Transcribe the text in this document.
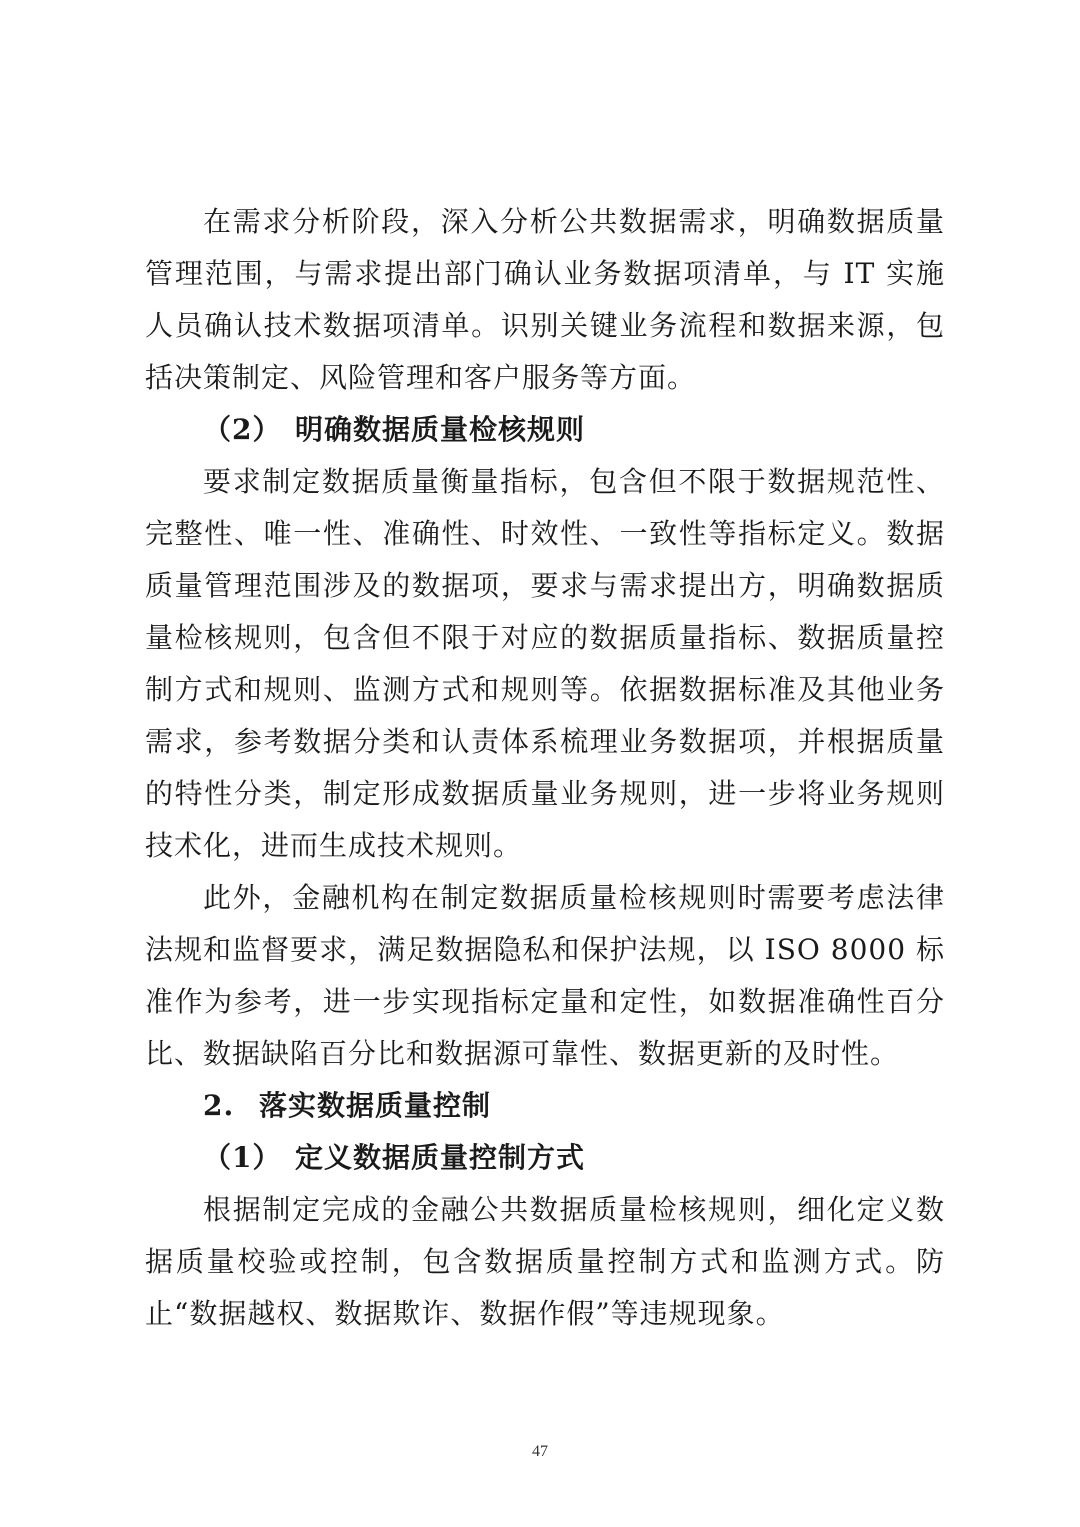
在需求分析阶段，深入分析公共数据需求，明确数据质量管理范围，与需求提出部门确认业务数据项清单，与 IT 实施人员确认技术数据项清单。识别关键业务流程和数据来源，包括决策制定、风险管理和客户服务等方面。

（2） 明确数据质量检核规则

要求制定数据质量衡量指标，包含但不限于数据规范性、完整性、唯一性、准确性、时效性、一致性等指标定义。数据质量管理范围涉及的数据项，要求与需求提出方，明确数据质量检核规则，包含但不限于对应的数据质量指标、数据质量控制方式和规则、监测方式和规则等。依据数据标准及其他业务需求，参考数据分类和认责体系梳理业务数据项，并根据质量的特性分类，制定形成数据质量业务规则，进一步将业务规则技术化，进而生成技术规则。

此外，金融机构在制定数据质量检核规则时需要考虑法律法规和监督要求，满足数据隐私和保护法规，以 ISO 8000 标准作为参考，进一步实现指标定量和定性，如数据准确性百分比、数据缺陷百分比和数据源可靠性、数据更新的及时性。

2. 落实数据质量控制
（1） 定义数据质量控制方式

根据制定完成的金融公共数据质量检核规则，细化定义数据质量校验或控制，包含数据质量控制方式和监测方式。防止“数据越权、数据欺诈、数据作假”等违规现象。

47
